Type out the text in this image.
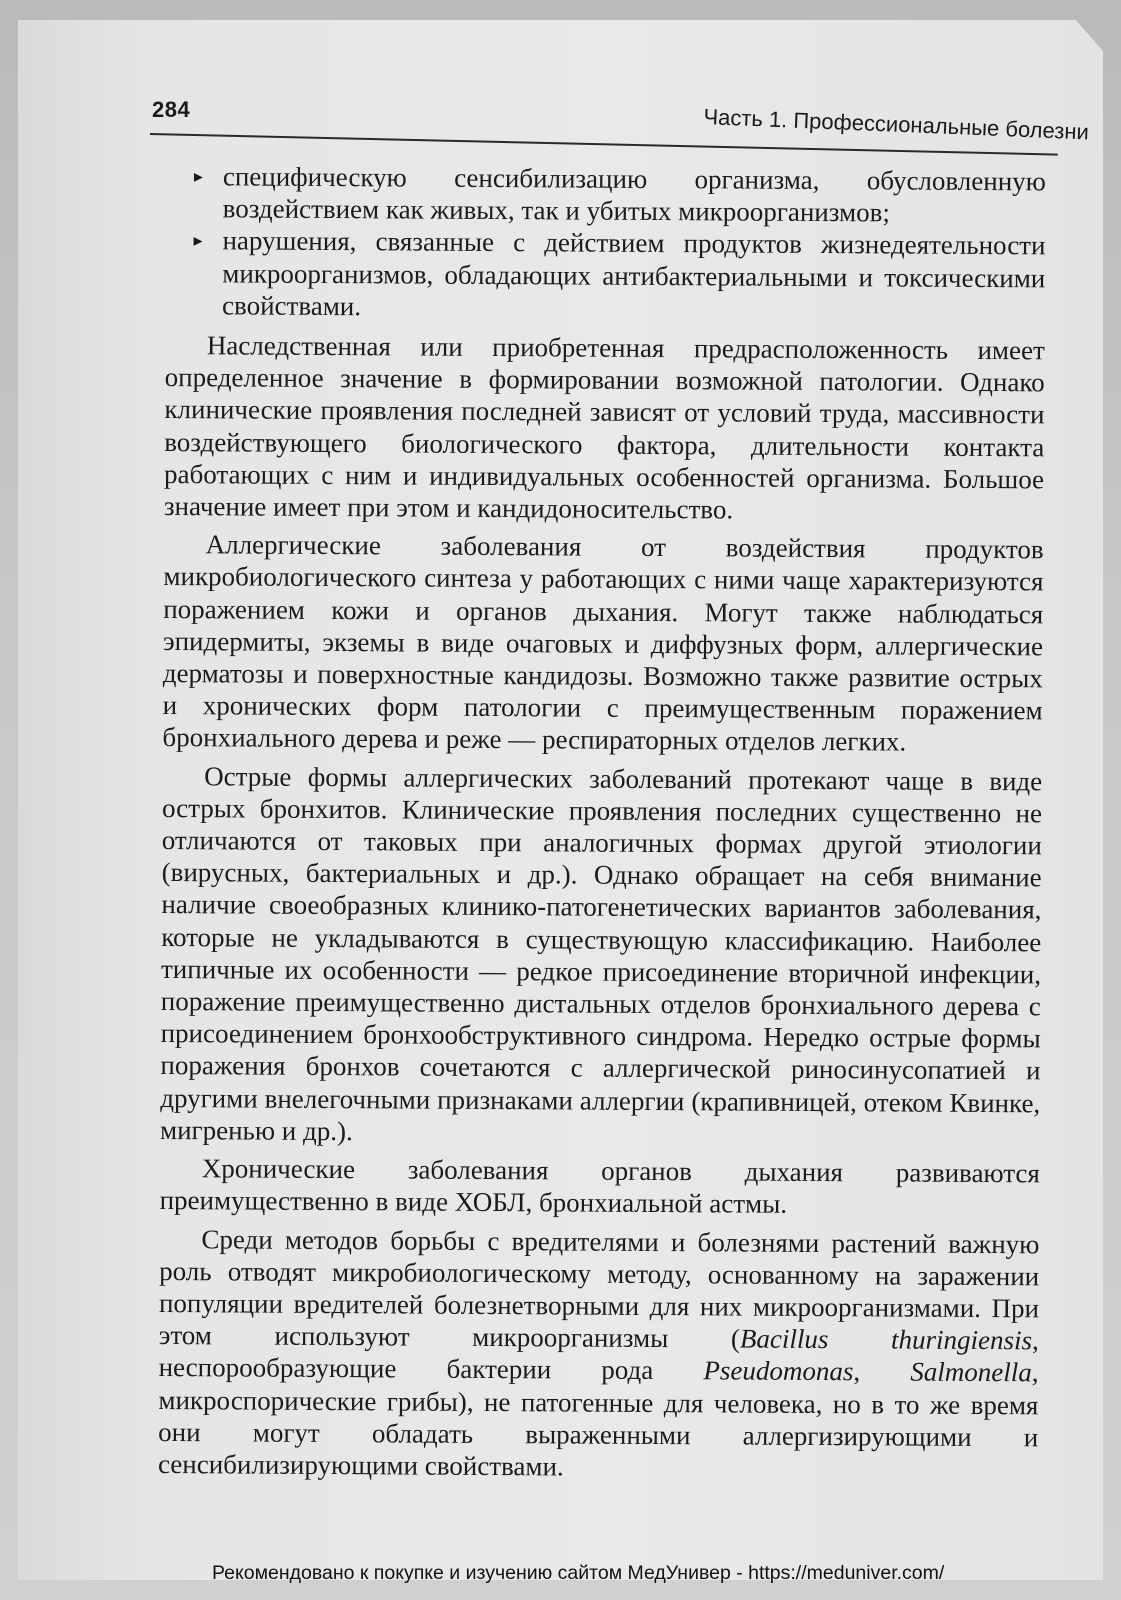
284	Часть 1. Профессиональные болезни
▸ специфическую сенсибилизацию организма, обусловленную воздействием как живых, так и убитых микроорганизмов;
▸ нарушения, связанные с действием продуктов жизнедеятельности микроорганизмов, обладающих антибактериальными и токсическими свойствами.

Наследственная или приобретенная предрасположенность имеет определенное значение в формировании возможной патологии. Однако клинические проявления последней зависят от условий труда, массивности воздействующего биологического фактора, длительности контакта работающих с ним и индивидуальных особенностей организма. Большое значение имеет при этом и кандидоносительство.

Аллергические заболевания от воздействия продуктов микробиологического синтеза у работающих с ними чаще характеризуются поражением кожи и органов дыхания. Могут также наблюдаться эпидермиты, экземы в виде очаговых и диффузных форм, аллергические дерматозы и поверхностные кандидозы. Возможно также развитие острых и хронических форм патологии с преимущественным поражением бронхиального дерева и реже — респираторных отделов легких.

Острые формы аллергических заболеваний протекают чаще в виде острых бронхитов. Клинические проявления последних существенно не отличаются от таковых при аналогичных формах другой этиологии (вирусных, бактериальных и др.). Однако обращает на себя внимание наличие своеобразных клинико-патогенетических вариантов заболевания, которые не укладываются в существующую классификацию. Наиболее типичные их особенности — редкое присоединение вторичной инфекции, поражение преимущественно дистальных отделов бронхиального дерева с присоединением бронхообструктивного синдрома. Нередко острые формы поражения бронхов сочетаются с аллергической риносинусопатией и другими внелегочными признаками аллергии (крапивницей, отеком Квинке, мигренью и др.).

Хронические заболевания органов дыхания развиваются преимущественно в виде ХОБЛ, бронхиальной астмы.

Среди методов борьбы с вредителями и болезнями растений важную роль отводят микробиологическому методу, основанному на заражении популяции вредителей болезнетворными для них микроорганизмами. При этом используют микроорганизмы (Bacillus thuringiensis, неспорообразующие бактерии рода Pseudomonas, Salmonella, микроспорические грибы), не патогенные для человека, но в то же время они могут обладать выраженными аллергизирующими и сенсибилизирующими свойствами.

Рекомендовано к покупке и изучению сайтом МедУнивер - https://meduniver.com/
